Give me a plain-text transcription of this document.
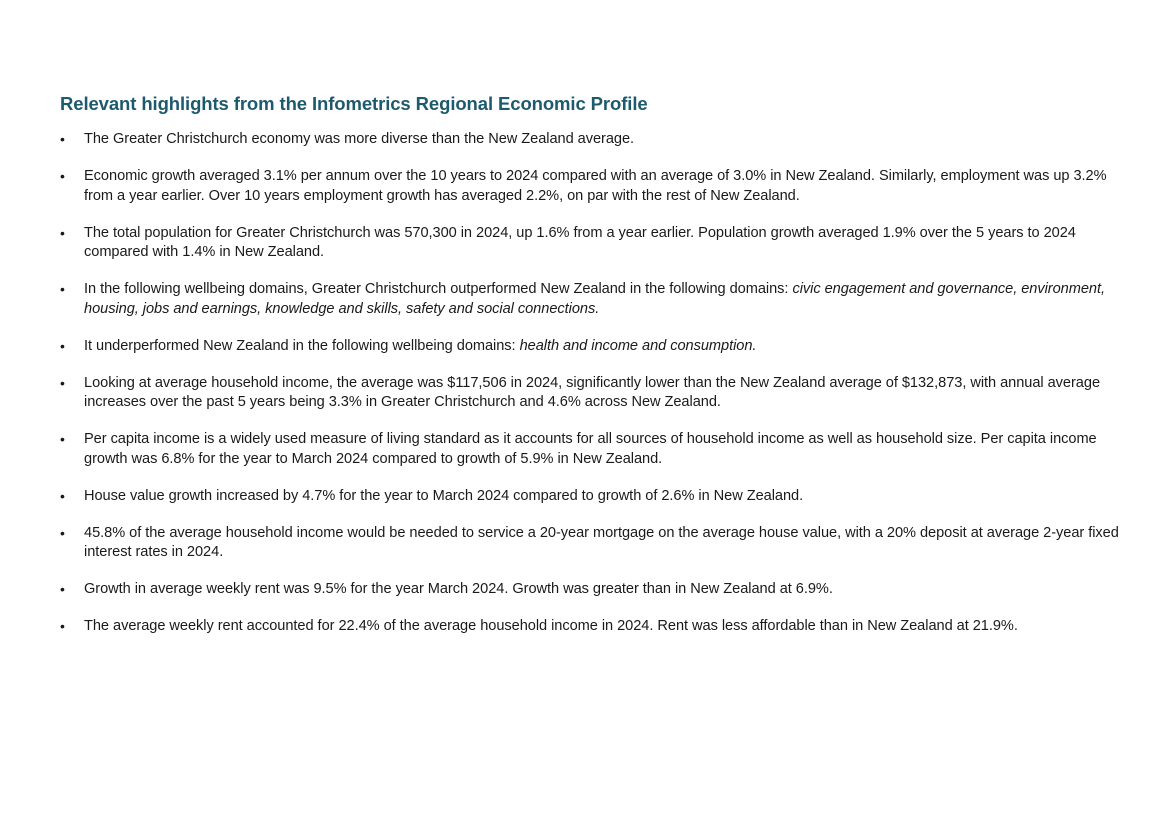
Relevant highlights from the Infometrics Regional Economic Profile
•	The Greater Christchurch economy was more diverse than the New Zealand average.
•	Economic growth averaged 3.1% per annum over the 10 years to 2024 compared with an average of 3.0% in New Zealand. Similarly, employment was up 3.2% from a year earlier. Over 10 years employment growth has averaged 2.2%, on par with the rest of New Zealand.
•	The total population for Greater Christchurch was 570,300 in 2024, up 1.6% from a year earlier. Population growth averaged 1.9% over the 5 years to 2024 compared with 1.4% in New Zealand.
•	In the following wellbeing domains, Greater Christchurch outperformed New Zealand in the following domains: civic engagement and governance, environment, housing, jobs and earnings, knowledge and skills, safety and social connections.
•	It underperformed New Zealand in the following wellbeing domains: health and income and consumption.
•	Looking at average household income, the average was $117,506 in 2024, significantly lower than the New Zealand average of $132,873, with annual average increases over the past 5 years being 3.3% in Greater Christchurch and 4.6% across New Zealand.
•	Per capita income is a widely used measure of living standard as it accounts for all sources of household income as well as household size. Per capita income growth was 6.8% for the year to March 2024 compared to growth of 5.9% in New Zealand.
•	House value growth increased by 4.7% for the year to March 2024 compared to growth of 2.6% in New Zealand.
•	45.8% of the average household income would be needed to service a 20-year mortgage on the average house value, with a 20% deposit at average 2-year fixed interest rates in 2024.
•	Growth in average weekly rent was 9.5% for the year March 2024. Growth was greater than in New Zealand at 6.9%.
•	The average weekly rent accounted for 22.4% of the average household income in 2024. Rent was less affordable than in New Zealand at 21.9%.
